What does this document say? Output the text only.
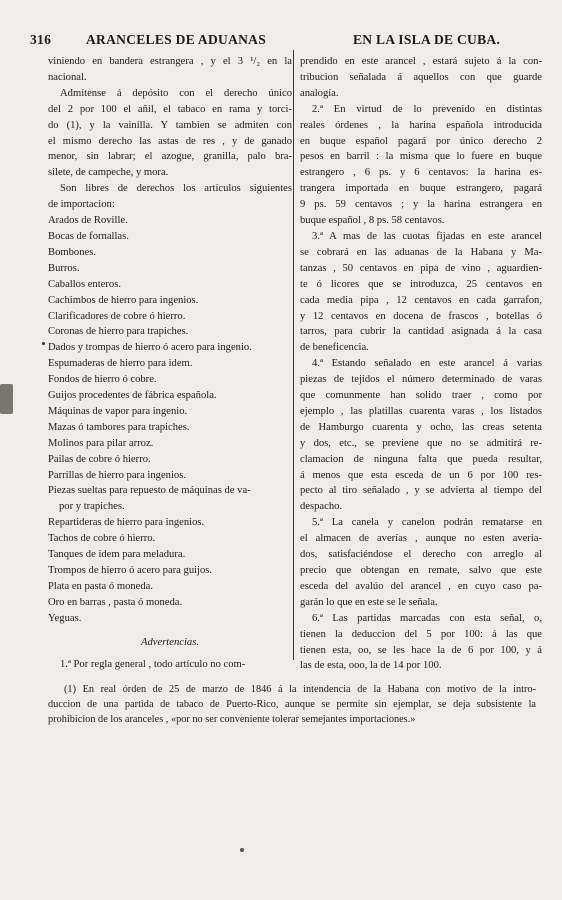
316	ARANCELES DE ADUANAS	EN LA ISLA DE CUBA.
viniendo en bandera estrangera , y el 3 ¹/₂ en la
nacional.
Admítense á depósito con el derecho único
del 2 por 100 el añil, el tabaco en rama y torci-
do (1), y la vainilla. Y tambien se admiten con
el mismo derecho las astas de res , y de ganado
menor, sin labrar; el azogue, granilla, palo bra-
silete, de campeche, y mora.
Son libres de derechos los artículos siguientes
de importacion:
Arados de Roville.
Bocas de fornallas.
Bombones.
Burros.
Caballos enteros.
Cachimbos de hierro para ingenios.
Clarificadores de cobre ó hierro.
Coronas de hierro para trapiches.
Dados y trompas de hierro ó acero para ingenio.
Espumaderas de hierro para idem.
Fondos de hierro ó cobre.
Guijos procedentes de fábrica española.
Máquinas de vapor para ingenio.
Mazas ó tambores para trapiches.
Molinos para pilar arroz.
Pailas de cobre ó hierro.
Parrillas de hierro para ingenios.
Piezas sueltas para repuesto de máquinas de va-
por y trapiches.
Repartideras de hierro para ingenios.
Tachos de cobre ó hierro.
Tanques de idem para meladura.
Trompos de hierro ó acero para guijos.
Plata en pasta ó moneda.
Oro en barras , pasta ó moneda.
Yeguas.
Advertencias.
1.ª Por regla general , todo artículo no com-
prendido en este arancel , estará sujeto á la con-
tribucion señalada á aquellos con que guarde
analogía.
2.ª En virtud de lo prevenido en distintas
reales órdenes , la harina española introducida
en buque español pagará por único derecho 2
pesos en barril : la misma que lo fuere en buque
estrangero , 6 ps. y 6 centavos: la harina es-
trangera importada en buque estrangero, pagará
9 ps. 59 centavos ; y la harina estrangera en
buque español , 8 ps. 58 centavos.
3.ª A mas de las cuotas fijadas en este arancel
se cobrará en las aduanas de la Habana y Ma-
tanzas , 50 centavos en pipa de vino , aguardien-
te ó licores que se introduzca, 25 centavos en
cada media pipa , 12 centavos en cada garrafon,
y 12 centavos en docena de frascos , botellas ó
tarros, para cubrir la cantidad asignada á la casa
de beneficencia.
4.ª Estando señalado en este arancel á varias
piezas de tejidos el número determinado de varas
que comunmente han solido traer , como por
ejemplo , las platillas cuarenta varas , los listados
de Hamburgo cuarenta y ocho, las creas setenta
y dos, etc., se previene que no se admitirá re-
clamacion de ninguna falta que pueda resultar,
á menos que esta esceda de un 6 por 100 res-
pecto al tiro señalado , y se advierta al tiempo del
despacho.
5.ª La canela y canelon podrán rematarse en
el almacen de averías , aunque no esten averia-
dos, satisfaciéndose el derecho con arreglo al
precio que obtengan en remate, salvo que este
esceda del avalúo del arancel , en cuyo caso pa-
garán lo que en este se le señala.
6.ª Las partidas marcadas con esta señal, o,
tienen la deduccion del 5 por 100: á las que
tienen esta, oo, se les hace la de 6 por 100, y á
las de esta, ooo, la de 14 por 100.
(1) En real órden de 25 de marzo de 1846 á la intendencia de la Habana con motivo de la intro-
duccion de una partida de tabaco de Puerto-Rico, aunque se permite sin ejemplar, se deja subsistente la
prohibicion de los aranceles , «por no ser conveniente tolerar semejantes importaciones.»
